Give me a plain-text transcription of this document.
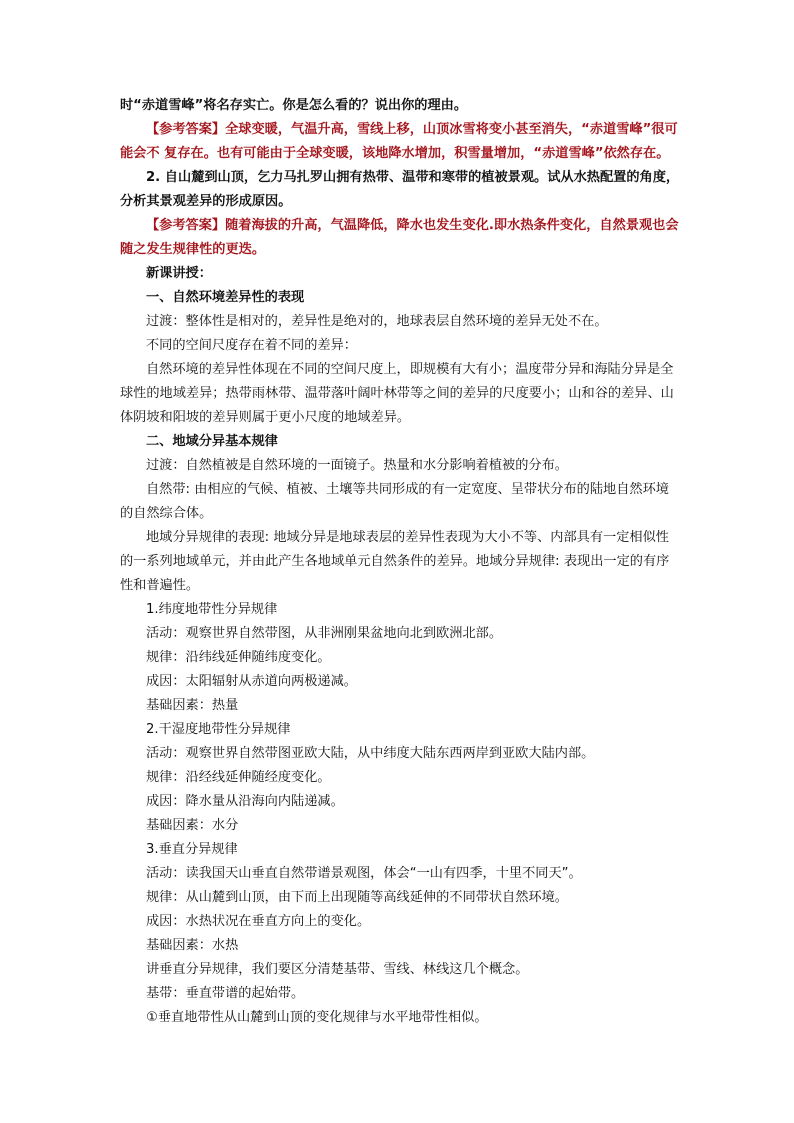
时“赤道雪峰”将名存实亡。你是怎么看的？说出你的理由。

【参考答案】全球变暖，气温升高，雪线上移，山顶冰雪将变小甚至消失，“赤道雪峰”很可能会不 复存在。也有可能由于全球变暖，该地降水增加，积雪量增加，“赤道雪峰”依然存在。

2. 自山麓到山顶，乞力马扎罗山拥有热带、温带和寒带的植被景观。试从水热配置的角度，分析其景观差异的形成原因。

【参考答案】随着海拔的升高，气温降低，降水也发生变化.即水热条件变化，自然景观也会随之发生规律性的更迭。

新课讲授：

一、自然环境差异性的表现

过渡：整体性是相对的，差异性是绝对的，地球表层自然环境的差异无处不在。

不同的空间尺度存在着不同的差异：

自然环境的差异性体现在不同的空间尺度上，即规模有大有小；温度带分异和海陆分异是全球性的地域差异；热带雨林带、温带落叶阔叶林带等之间的差异的尺度要小；山和谷的差异、山体阴坡和阳坡的差异则属于更小尺度的地域差异。

二、地域分异基本规律

过渡：自然植被是自然环境的一面镜子。热量和水分影响着植被的分布。

自然带: 由相应的气候、植被、土壤等共同形成的有一定宽度、呈带状分布的陆地自然环境的自然综合体。

地域分异规律的表现: 地域分异是地球表层的差异性表现为大小不等、内部具有一定相似性的一系列地域单元，并由此产生各地域单元自然条件的差异。地域分异规律: 表现出一定的有序性和普遍性。

1.纬度地带性分异规律

活动：观察世界自然带图，从非洲刚果盆地向北到欧洲北部。

规律：沿纬线延伸随纬度变化。

成因：太阳辐射从赤道向两极递减。

基础因素：热量

2.干湿度地带性分异规律

活动：观察世界自然带图亚欧大陆，从中纬度大陆东西两岸到亚欧大陆内部。

规律：沿经线延伸随经度变化。

成因：降水量从沿海向内陆递减。

基础因素：水分

3.垂直分异规律

活动：读我国天山垂直自然带谱景观图，体会“一山有四季，十里不同天”。

规律：从山麓到山顶，由下而上出现随等高线延伸的不同带状自然环境。

成因：水热状况在垂直方向上的变化。

基础因素：水热

讲垂直分异规律，我们要区分清楚基带、雪线、林线这几个概念。

基带：垂直带谱的起始带。

①垂直地带性从山麓到山顶的变化规律与水平地带性相似。
